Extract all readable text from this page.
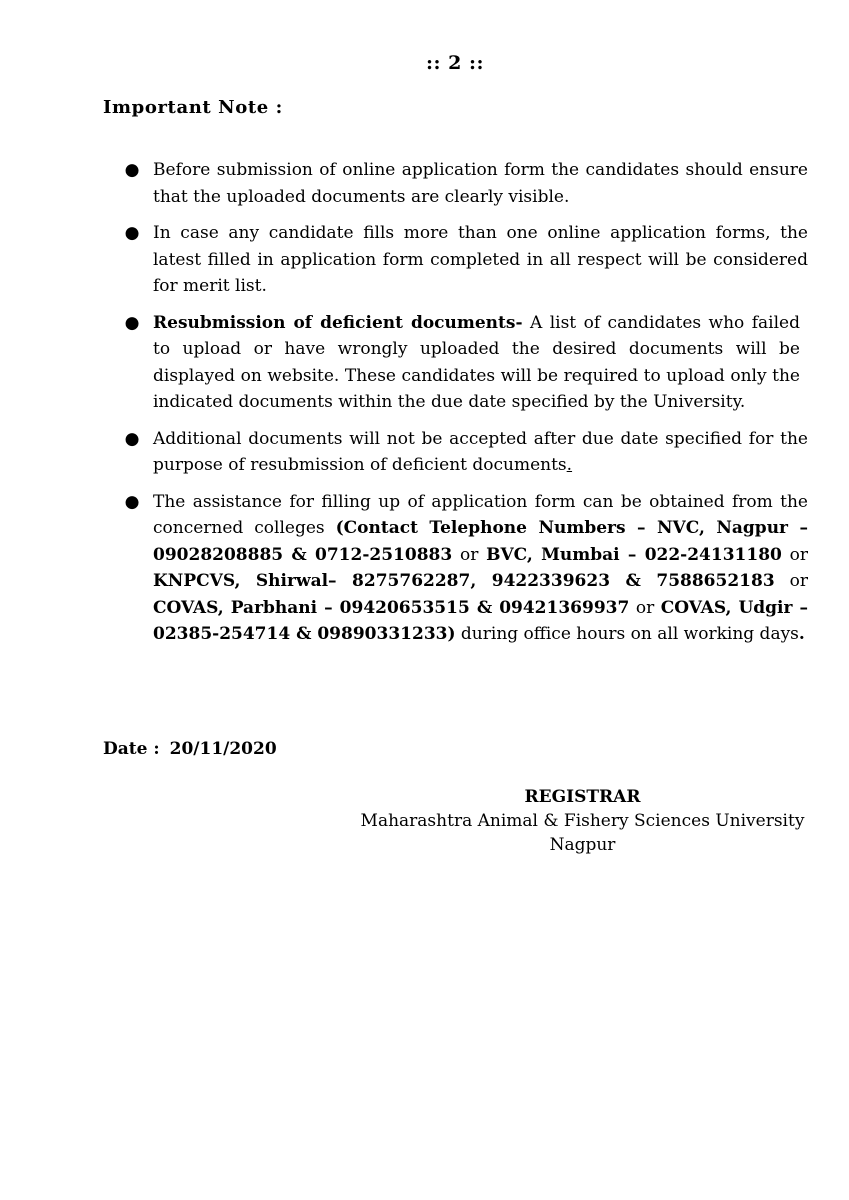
:: 2 ::
Important Note :
● Before submission of online application form the candidates should ensure that the uploaded documents are clearly visible.
● In case any candidate fills more than one online application forms, the latest filled in application form completed in all respect will be considered for merit list.
● Resubmission of deficient documents- A list of candidates who failed to upload or have wrongly uploaded the desired documents will be displayed on website. These candidates will be required to upload only the indicated documents within the due date specified by the University.
● Additional documents will not be accepted after due date specified for the purpose of resubmission of deficient documents.
● The assistance for filling up of application form can be obtained from the concerned colleges (Contact Telephone Numbers – NVC, Nagpur – 09028208885 & 0712-2510883 or BVC, Mumbai – 022-24131180 or KNPCVS, Shirwal– 8275762287, 9422339623 & 7588652183 or COVAS, Parbhani – 09420653515 & 09421369937 or COVAS, Udgir – 02385-254714 & 09890331233) during office hours on all working days.
Date : 20/11/2020
REGISTRAR
Maharashtra Animal & Fishery Sciences University
Nagpur
